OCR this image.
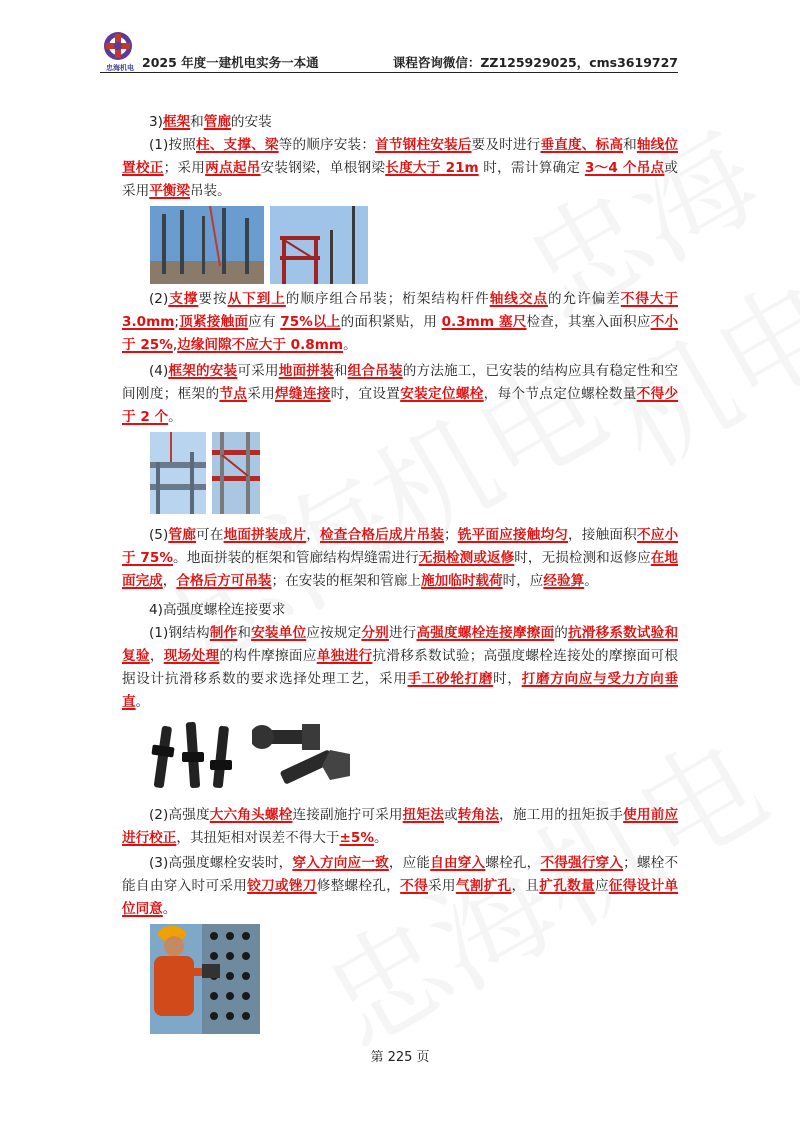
忠海机电 2025 年度一建机电实务一本通	课程咨询微信：ZZ125929025，cms3619727
3)框架和管廊的安装

(1)按照柱、支撑、梁等的顺序安装：首节钢柱安装后要及时进行垂直度、标高和轴线位置校正；采用两点起吊安装钢梁，单根钢梁长度大于 21m 时，需计算确定 3～4 个吊点或采用平衡梁吊装。

(2)支撑要按从下到上的顺序组合吊装；桁架结构杆件轴线交点的允许偏差不得大于 3.0mm;顶紧接触面应有 75%以上的面积紧贴，用 0.3mm 塞尺检查，其塞入面积应不小于 25%,边缘间隙不应大于 0.8mm。

(4)框架的安装可采用地面拼装和组合吊装的方法施工，已安装的结构应具有稳定性和空间刚度；框架的节点采用焊缝连接时，宜设置安装定位螺栓，每个节点定位螺栓数量不得少于 2 个。

(5)管廊可在地面拼装成片，检查合格后成片吊装；铣平面应接触均匀，接触面积不应小于 75%。地面拼装的框架和管廊结构焊缝需进行无损检测或返修时，无损检测和返修应在地面完成，合格后方可吊装；在安装的框架和管廊上施加临时载荷时，应经验算。

4)高强度螺栓连接要求

(1)钢结构制作和安装单位应按规定分别进行高强度螺栓连接摩擦面的抗滑移系数试验和复验，现场处理的构件摩擦面应单独进行抗滑移系数试验；高强度螺栓连接处的摩擦面可根据设计抗滑移系数的要求选择处理工艺，采用手工砂轮打磨时，打磨方向应与受力方向垂直。

(2)高强度大六角头螺栓连接副施拧可采用扭矩法或转角法，施工用的扭矩扳手使用前应进行校正，其扭矩相对误差不得大于±5%。

(3)高强度螺栓安装时，穿入方向应一致，应能自由穿入螺栓孔，不得强行穿入；螺栓不能自由穿入时可采用铰刀或锉刀修整螺栓孔，不得采用气割扩孔，且扩孔数量应征得设计单位同意。

第 225 页
